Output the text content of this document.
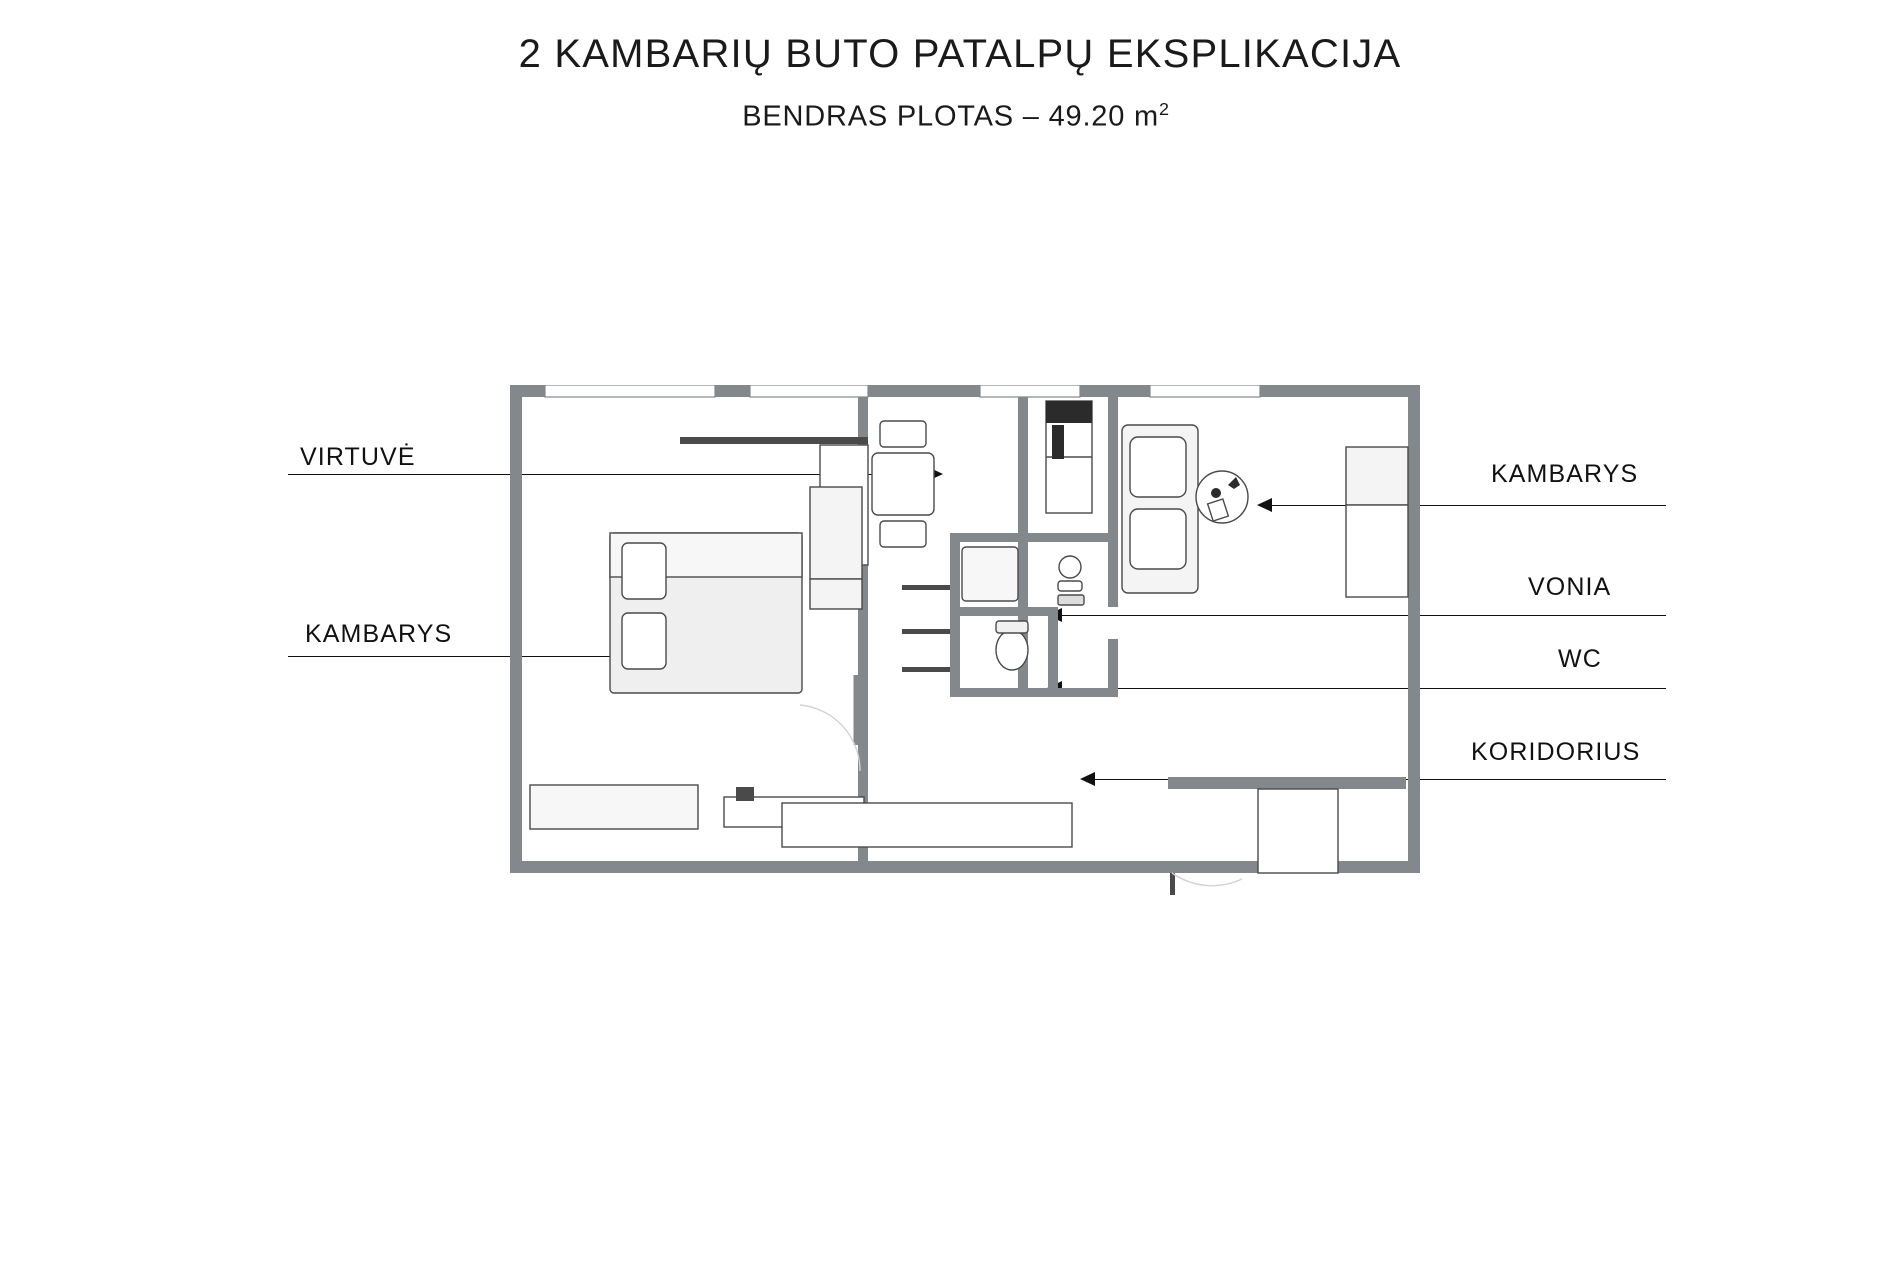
2 KAMBARIŲ BUTO PATALPŲ EKSPLIKACIJA

BENDRAS PLOTAS – 49.20 $m^2$

VIRTUVĖ
KAMBARYS
KAMBARYS
VONIA
WC
KORIDORIUS
